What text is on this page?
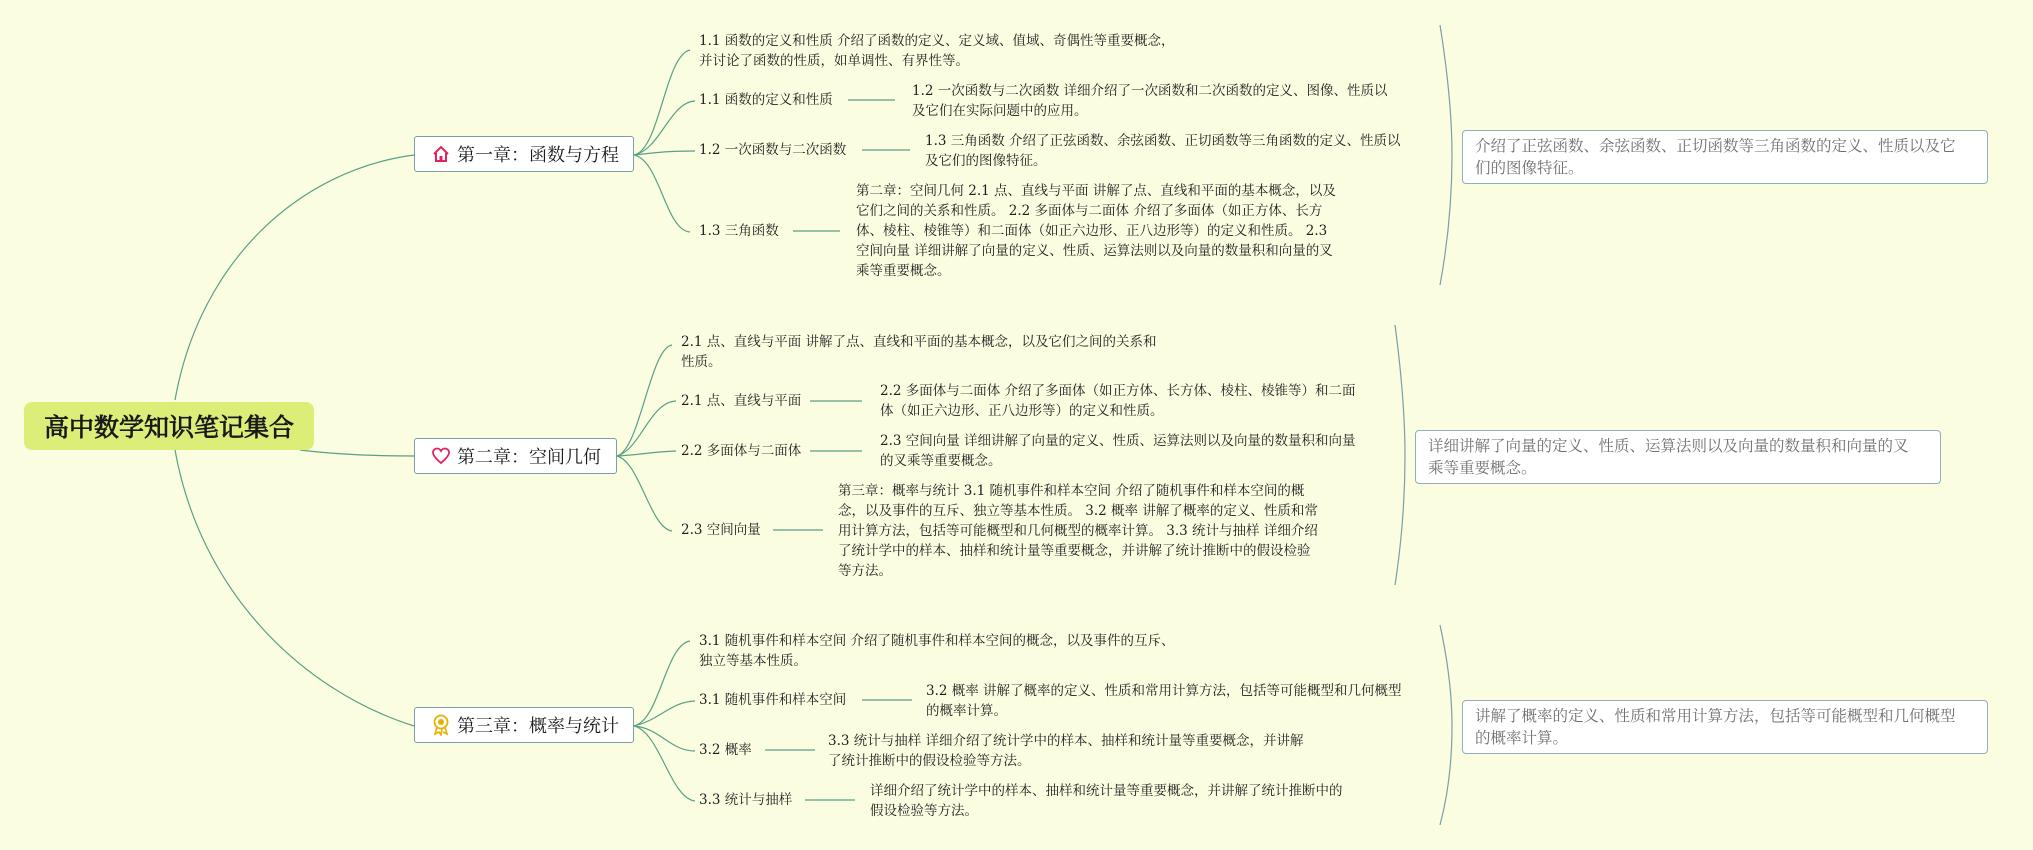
高中数学知识笔记集合
第一章：函数与方程
1.1 函数的定义和性质 介绍了函数的定义、定义域、值域、奇偶性等重要概念，
并讨论了函数的性质，如单调性、有界性等。
1.1 函数的定义和性质
1.2 一次函数与二次函数 详细介绍了一次函数和二次函数的定义、图像、性质以
及它们在实际问题中的应用。
1.2 一次函数与二次函数
1.3 三角函数 介绍了正弦函数、余弦函数、正切函数等三角函数的定义、性质以
及它们的图像特征。
1.3 三角函数
第二章：空间几何 2.1 点、直线与平面 讲解了点、直线和平面的基本概念，以及
它们之间的关系和性质。 2.2 多面体与二面体 介绍了多面体（如正方体、长方
体、棱柱、棱锥等）和二面体（如正六边形、正八边形等）的定义和性质。 2.3
空间向量 详细讲解了向量的定义、性质、运算法则以及向量的数量积和向量的叉
乘等重要概念。
介绍了正弦函数、余弦函数、正切函数等三角函数的定义、性质以及它
们的图像特征。
第二章：空间几何
2.1 点、直线与平面 讲解了点、直线和平面的基本概念，以及它们之间的关系和
性质。
2.1 点、直线与平面
2.2 多面体与二面体 介绍了多面体（如正方体、长方体、棱柱、棱锥等）和二面
体（如正六边形、正八边形等）的定义和性质。
2.2 多面体与二面体
2.3 空间向量 详细讲解了向量的定义、性质、运算法则以及向量的数量积和向量
的叉乘等重要概念。
2.3 空间向量
第三章：概率与统计 3.1 随机事件和样本空间 介绍了随机事件和样本空间的概
念，以及事件的互斥、独立等基本性质。 3.2 概率 讲解了概率的定义、性质和常
用计算方法，包括等可能概型和几何概型的概率计算。 3.3 统计与抽样 详细介绍
了统计学中的样本、抽样和统计量等重要概念，并讲解了统计推断中的假设检验
等方法。
详细讲解了向量的定义、性质、运算法则以及向量的数量积和向量的叉
乘等重要概念。
第三章：概率与统计
3.1 随机事件和样本空间 介绍了随机事件和样本空间的概念，以及事件的互斥、
独立等基本性质。
3.1 随机事件和样本空间
3.2 概率 讲解了概率的定义、性质和常用计算方法，包括等可能概型和几何概型
的概率计算。
3.2 概率
3.3 统计与抽样 详细介绍了统计学中的样本、抽样和统计量等重要概念，并讲解
了统计推断中的假设检验等方法。
3.3 统计与抽样
详细介绍了统计学中的样本、抽样和统计量等重要概念，并讲解了统计推断中的
假设检验等方法。
讲解了概率的定义、性质和常用计算方法，包括等可能概型和几何概型
的概率计算。
